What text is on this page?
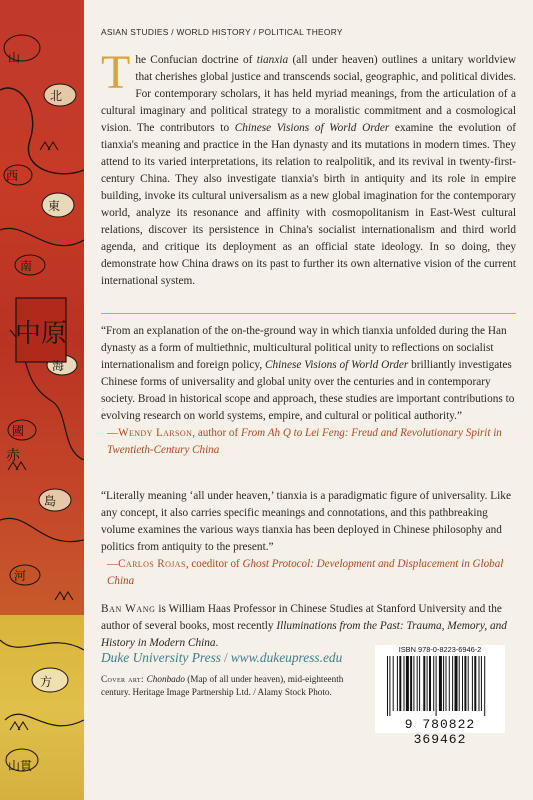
中原
山
北
西
東
南
海
國
島
河
赤
方
山貫
ASIAN STUDIES / WORLD HISTORY / POLITICAL THEORY
The Confucian doctrine of tianxia (all under heaven) outlines a unitary worldview that cherishes global justice and transcends social, geographic, and political divides. For contemporary scholars, it has held myriad meanings, from the articulation of a cultural imaginary and political strategy to a moralistic commitment and a cosmological vision. The contributors to Chinese Visions of World Order examine the evolution of tianxia's meaning and practice in the Han dynasty and its mutations in modern times. They attend to its varied interpretations, its relation to realpolitik, and its revival in twenty-first-century China. They also investigate tianxia's birth in antiquity and its role in empire building, invoke its cultural universalism as a new global imagination for the contemporary world, analyze its resonance and affinity with cosmopolitanism in East-West cultural relations, discover its persistence in China's socialist internationalism and third world agenda, and critique its deployment as an official state ideology. In so doing, they demonstrate how China draws on its past to further its own alternative vision of the current international system.
“From an explanation of the on-the-ground way in which tianxia unfolded during the Han dynasty as a form of multiethnic, multicultural political unity to reflections on socialist internationalism and foreign policy, Chinese Visions of World Order brilliantly investigates Chinese forms of universality and global unity over the centuries and in contemporary society. Broad in historical scope and approach, these studies are important contributions to evolving research on world systems, empire, and cultural or political authority.”
—Wendy Larson, author of From Ah Q to Lei Feng: Freud and Revolutionary Spirit in Twentieth-Century China
“Literally meaning ‘all under heaven,’ tianxia is a paradigmatic figure of universality. Like any concept, it also carries specific meanings and connotations, and this pathbreaking volume examines the various ways tianxia has been deployed in Chinese philosophy and politics from antiquity to the present.”
—Carlos Rojas, coeditor of Ghost Protocol: Development and Displacement in Global China
Ban Wang is William Haas Professor in Chinese Studies at Stanford University and the author of several books, most recently Illuminations from the Past: Trauma, Memory, and History in Modern China.
Duke University Press / www.dukeupress.edu
Cover art: Chonbado (Map of all under heaven), mid-eighteenth century. Heritage Image Partnership Ltd. / Alamy Stock Photo.
ISBN 978-0-8223-6946-2
9 780822 369462
